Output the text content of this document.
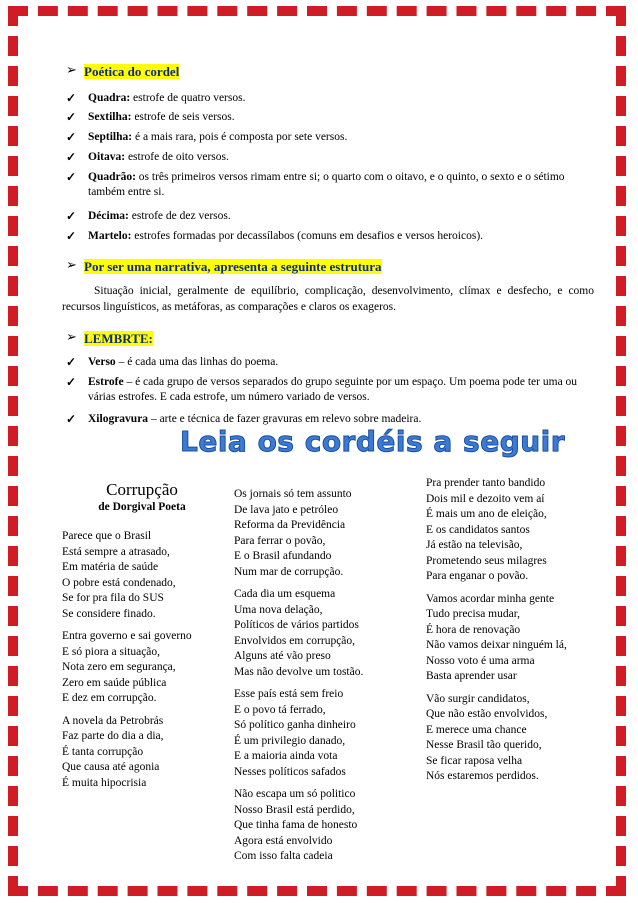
➢ Poética do cordel
✓ Quadra: estrofe de quatro versos.
✓ Sextilha: estrofe de seis versos.
✓ Septilha: é a mais rara, pois é composta por sete versos.
✓ Oitava: estrofe de oito versos.
✓ Quadrão: os três primeiros versos rimam entre si; o quarto com o oitavo, e o quinto, o sexto e o sétimo também entre si.
✓ Décima: estrofe de dez versos.
✓ Martelo: estrofes formadas por decassílabos (comuns em desafios e versos heroicos).
➢ Por ser uma narrativa, apresenta a seguinte estrutura
Situação inicial, geralmente de equilíbrio, complicação, desenvolvimento, clímax e desfecho, e como recursos linguísticos, as metáforas, as comparações e claros os exageros.
➢ LEMBRTE:
✓ Verso – é cada uma das linhas do poema.
✓ Estrofe – é cada grupo de versos separados do grupo seguinte por um espaço. Um poema pode ter uma ou várias estrofes. E cada estrofe, um número variado de versos.
✓ Xilogravura – arte e técnica de fazer gravuras em relevo sobre madeira.
Leia os cordéis a seguir
Corrupção
de Dorgival Poeta
Parece que o Brasil
Está sempre a atrasado,
Em matéria de saúde
O pobre está condenado,
Se for pra fila do SUS
Se considere finado.
Entra governo e sai governo
E só piora a situação,
Nota zero em segurança,
Zero em saúde pública
E dez em corrupção.
A novela da Petrobrás
Faz parte do dia a dia,
É tanta corrupção
Que causa até agonia
É muita hipocrisia
Os jornais só tem assunto
De lava jato e petróleo
Reforma da Previdência
Para ferrar o povão,
E o Brasil afundando
Num mar de corrupção.
Cada dia um esquema
Uma nova delação,
Políticos de vários partidos
Envolvidos em corrupção,
Alguns até vão preso
Mas não devolve um tostão.
Esse país está sem freio
E o povo tá ferrado,
Só político ganha dinheiro
É um privilegio danado,
E a maioria ainda vota
Nesses políticos safados
Não escapa um só politico
Nosso Brasil está perdido,
Que tinha fama de honesto
Agora está envolvido
Com isso falta cadeia
Pra prender tanto bandido
Dois mil e dezoito vem aí
É mais um ano de eleição,
E os candidatos santos
Já estão na televisão,
Prometendo seus milagres
Para enganar o povão.
Vamos acordar minha gente
Tudo precisa mudar,
É hora de renovação
Não vamos deixar ninguém lá,
Nosso voto é uma arma
Basta aprender usar
Vão surgir candidatos,
Que não estão envolvidos,
E merece uma chance
Nesse Brasil tão querido,
Se ficar raposa velha
Nós estaremos perdidos.
